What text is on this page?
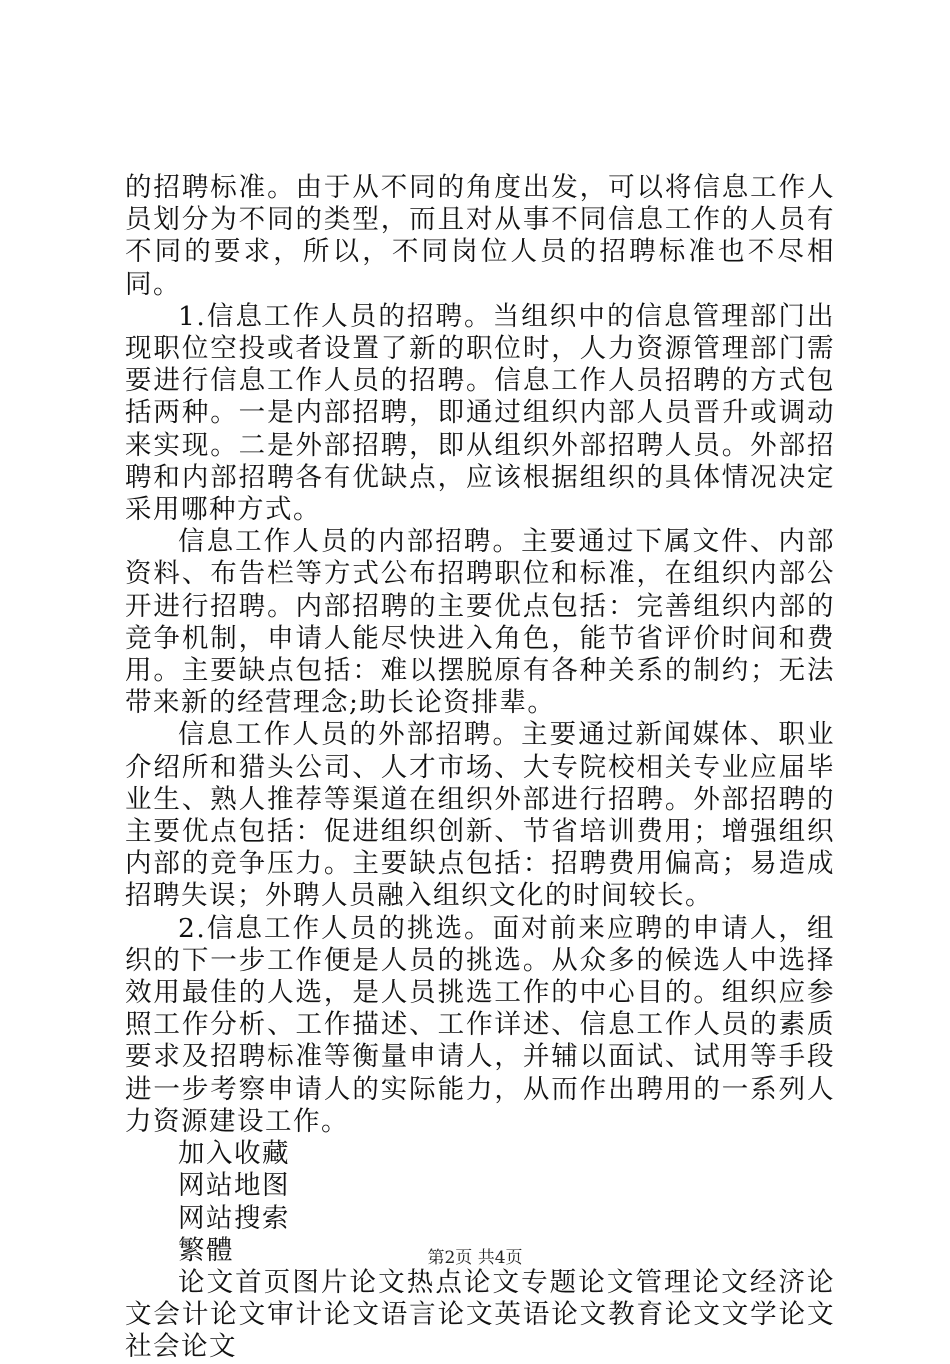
的招聘标准。由于从不同的角度出发，可以将信息工作人员划分为不同的类型，而且对从事不同信息工作的人员有不同的要求，所以，不同岗位人员的招聘标准也不尽相同。

1.信息工作人员的招聘。当组织中的信息管理部门出现职位空投或者设置了新的职位时，人力资源管理部门需要进行信息工作人员的招聘。信息工作人员招聘的方式包括两种。一是内部招聘，即通过组织内部人员晋升或调动来实现。二是外部招聘，即从组织外部招聘人员。外部招聘和内部招聘各有优缺点，应该根据组织的具体情况决定采用哪种方式。

信息工作人员的内部招聘。主要通过下属文件、内部资料、布告栏等方式公布招聘职位和标准，在组织内部公开进行招聘。内部招聘的主要优点包括：完善组织内部的竞争机制，申请人能尽快进入角色，能节省评价时间和费用。主要缺点包括：难以摆脱原有各种关系的制约；无法带来新的经营理念;助长论资排辈。

信息工作人员的外部招聘。主要通过新闻媒体、职业介绍所和猎头公司、人才市场、大专院校相关专业应届毕业生、熟人推荐等渠道在组织外部进行招聘。外部招聘的主要优点包括：促进组织创新、节省培训费用；增强组织内部的竞争压力。主要缺点包括：招聘费用偏高；易造成招聘失误；外聘人员融入组织文化的时间较长。

2.信息工作人员的挑选。面对前来应聘的申请人，组织的下一步工作便是人员的挑选。从众多的候选人中选择效用最佳的人选，是人员挑选工作的中心目的。组织应参照工作分析、工作描述、工作详述、信息工作人员的素质要求及招聘标准等衡量申请人，并辅以面试、试用等手段进一步考察申请人的实际能力，从而作出聘用的一系列人力资源建设工作。

加入收藏

网站地图

网站搜索

繁體

论文首页图片论文热点论文专题论文管理论文经济论文会计论文审计论文语言论文英语论文教育论文文学论文社会论文

第2页 共4页
